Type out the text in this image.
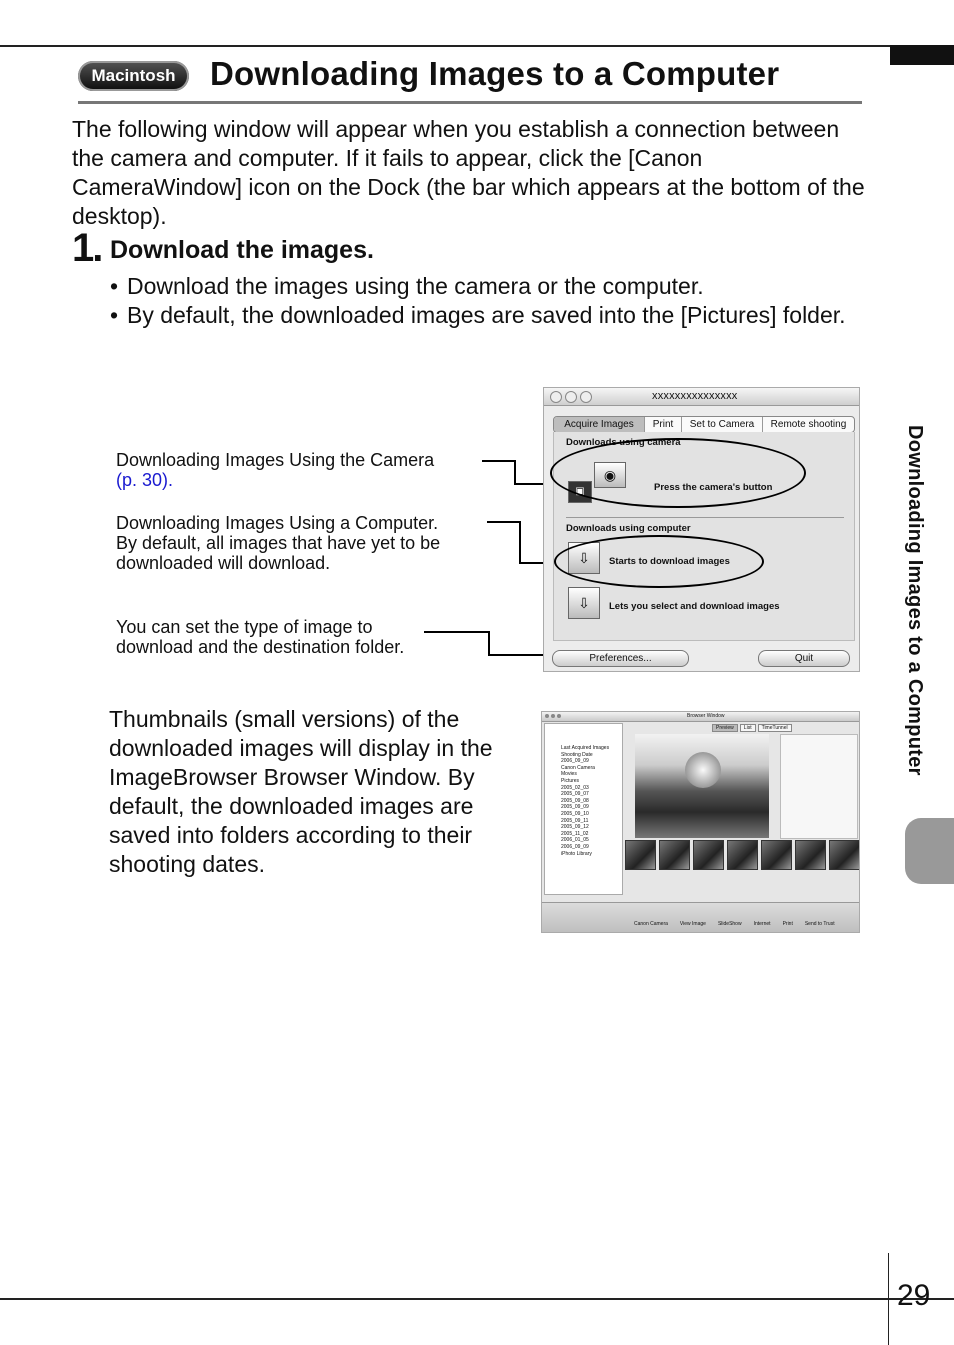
Macintosh	Downloading Images to a Computer
The following window will appear when you establish a connection between the camera and computer. If it fails to appear, click the [Canon CameraWindow] icon on the Dock (the bar which appears at the bottom of the desktop).
1. Download the images.
• Download the images using the camera or the computer.
• By default, the downloaded images are saved into the [Pictures] folder.
Downloading Images Using the Camera
(p. 30).
Downloading Images Using a Computer.
By default, all images that have yet to be
downloaded will download.
You can set the type of image to
download and the destination folder.
xxxxxxxxxxxxxxx
Acquire Images	Print	Set to Camera	Remote shooting
Downloads using camera
◉
▣	Press the camera's button
Downloads using computer
⇩	Starts to download images
⇩	Lets you select and download images
Preferences...	Quit
Thumbnails (small versions) of the downloaded images will display in the ImageBrowser Browser Window. By default, the downloaded images are saved into folders according to their shooting dates.
Browser Window
Last Acquired Images
Shooting Date
2006_09_09
Canon Camera
Movies
Pictures
2005_02_03
2005_09_07
2005_09_08
2005_09_09
2005_09_10
2005_09_11
2005_09_12
2005_11_02
2006_01_05
2006_09_09
iPhoto Library
Preview	List	TimeTunnel
Canon Camera View Image SlideShow Internet Print Send to Trust
Downloading Images to a Computer
29
